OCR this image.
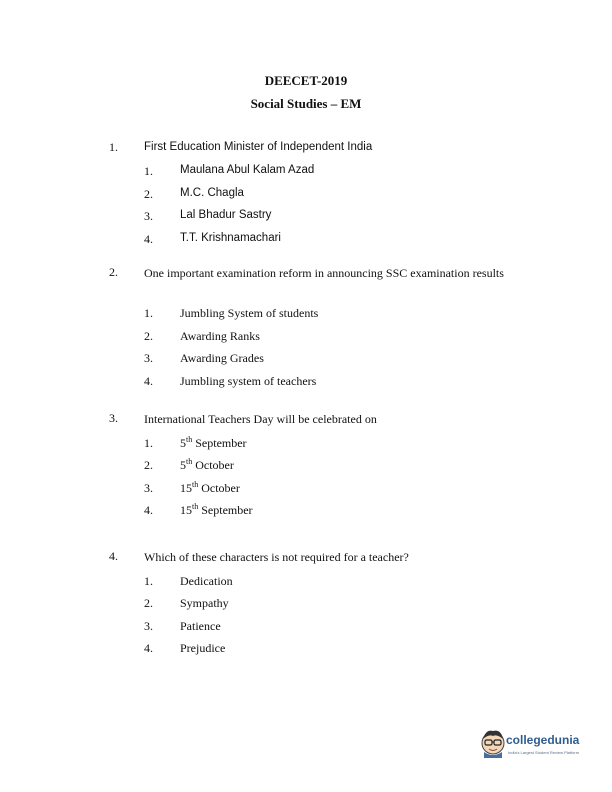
DEECET-2019
Social Studies – EM
1. First Education Minister of Independent India
1. Maulana Abul Kalam Azad
2. M.C. Chagla
3. Lal Bhadur Sastry
4. T.T. Krishnamachari
2. One important examination reform in announcing SSC examination results
1. Jumbling System of students
2. Awarding Ranks
3. Awarding Grades
4. Jumbling system of teachers
3. International Teachers Day will be celebrated on
1. 5th September
2. 5th October
3. 15th October
4. 15th September
4. Which of these characters is not required for a teacher?
1. Dedication
2. Sympathy
3. Patience
4. Prejudice
collegedunia
India's Largest Student Review Platform
